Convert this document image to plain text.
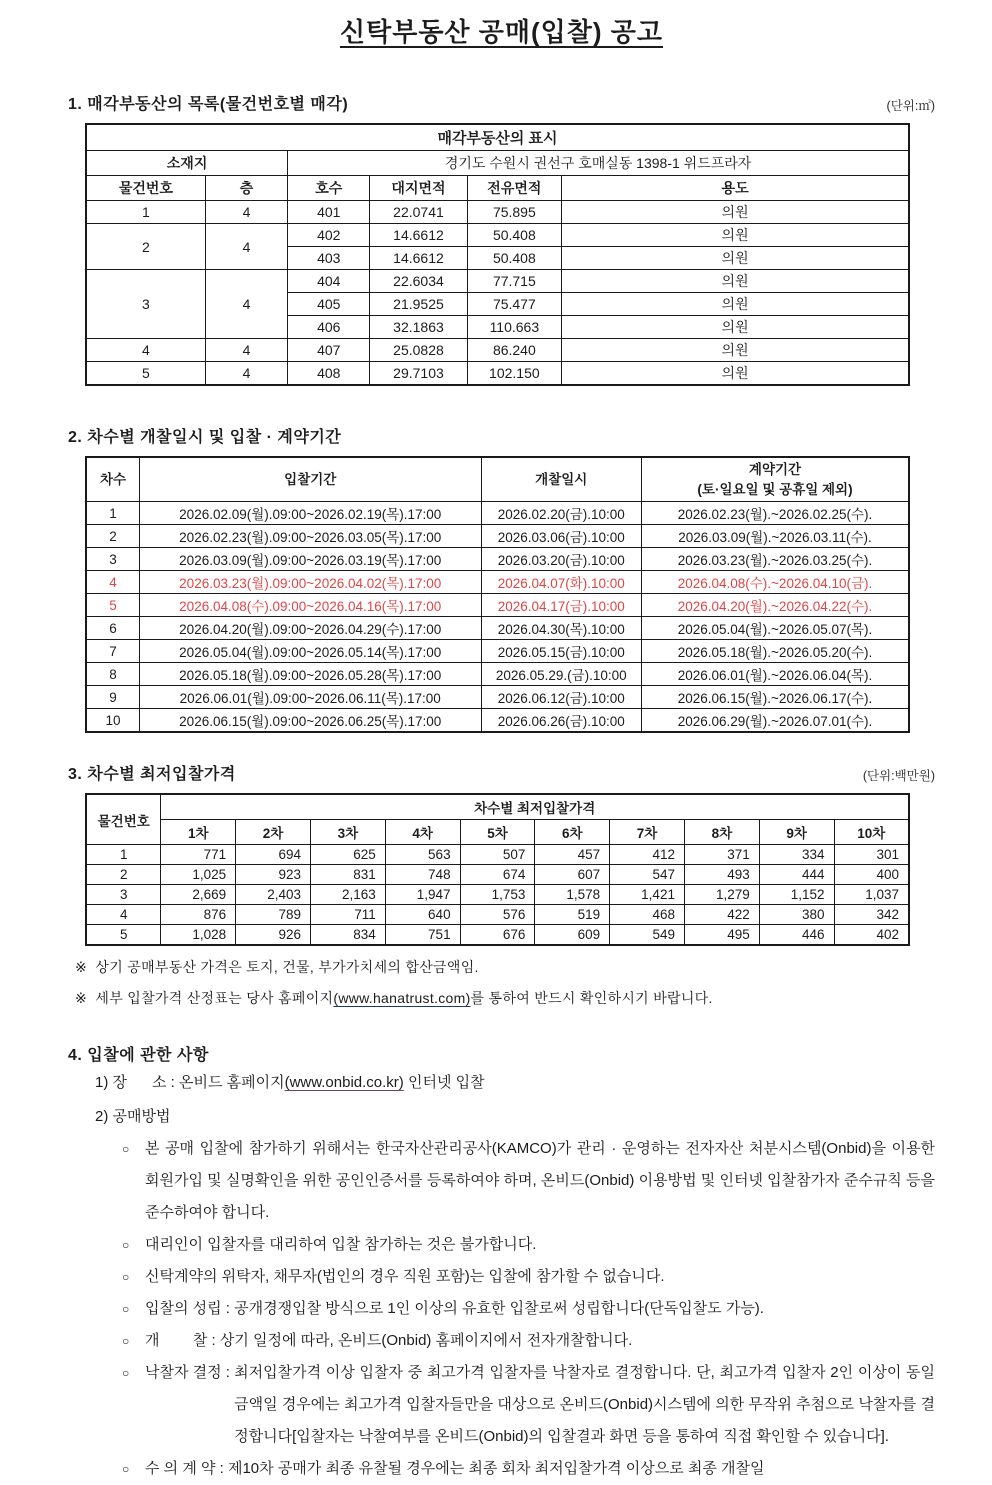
신탁부동산 공매(입찰) 공고
1. 매각부동산의 목록(물건번호별 매각)	(단위:㎡)
매각부동산의 표시					
소재지		경기도 수원시 권선구 호매실동 1398-1 위드프라자			
물건번호	층	호수	대지면적	전유면적	용도
1	4	401	22.0741	75.895	의원
2	4	402	14.6612	50.408	의원
		403	14.6612	50.408	의원
3	4	404	22.6034	77.715	의원
		405	21.9525	75.477	의원
		406	32.1863	110.663	의원
4	4	407	25.0828	86.240	의원
5	4	408	29.7103	102.150	의원
2. 차수별 개찰일시 및 입찰 · 계약기간
차수	입찰기간	개찰일시	계약기간
(토·일요일 및 공휴일 제외)
1	2026.02.09(월).09:00~2026.02.19(목).17:00	2026.02.20(금).10:00	2026.02.23(월).~2026.02.25(수).
2	2026.02.23(월).09:00~2026.03.05(목).17:00	2026.03.06(금).10:00	2026.03.09(월).~2026.03.11(수).
3	2026.03.09(월).09:00~2026.03.19(목).17:00	2026.03.20(금).10:00	2026.03.23(월).~2026.03.25(수).
4	2026.03.23(월).09:00~2026.04.02(목).17:00	2026.04.07(화).10:00	2026.04.08(수).~2026.04.10(금).
5	2026.04.08(수).09:00~2026.04.16(목).17:00	2026.04.17(금).10:00	2026.04.20(월).~2026.04.22(수).
6	2026.04.20(월).09:00~2026.04.29(수).17:00	2026.04.30(목).10:00	2026.05.04(월).~2026.05.07(목).
7	2026.05.04(월).09:00~2026.05.14(목).17:00	2026.05.15(금).10:00	2026.05.18(월).~2026.05.20(수).
8	2026.05.18(월).09:00~2026.05.28(목).17:00	2026.05.29.(금).10:00	2026.06.01(월).~2026.06.04(목).
9	2026.06.01(월).09:00~2026.06.11(목).17:00	2026.06.12(금).10:00	2026.06.15(월).~2026.06.17(수).
10	2026.06.15(월).09:00~2026.06.25(목).17:00	2026.06.26(금).10:00	2026.06.29(월).~2026.07.01(수).
3. 차수별 최저입찰가격	(단위:백만원)
물건번호	차수별 최저입찰가격									
	1차	2차	3차	4차	5차	6차	7차	8차	9차	10차
1	771	694	625	563	507	457	412	371	334	301
2	1,025	923	831	748	674	607	547	493	444	400
3	2,669	2,403	2,163	1,947	1,753	1,578	1,421	1,279	1,152	1,037
4	876	789	711	640	576	519	468	422	380	342
5	1,028	926	834	751	676	609	549	495	446	402
※  상기 공매부동산 가격은 토지, 건물, 부가가치세의 합산금액임.
※  세부 입찰가격 산정표는 당사 홈페이지(www.hanatrust.com)를 통하여 반드시 확인하시기 바랍니다.
4. 입찰에 관한 사항
1) 장      소 : 온비드 홈페이지(www.onbid.co.kr) 인터넷 입찰
2) 공매방법
○	본 공매 입찰에 참가하기 위해서는 한국자산관리공사(KAMCO)가 관리 · 운영하는 전자자산 처분시스템(Onbid)을 이용한 회원가입 및 실명확인을 위한 공인인증서를 등록하여야 하며, 온비드(Onbid) 이용방법 및 인터넷 입찰참가자 준수규칙 등을 준수하여야 합니다.
○	대리인이 입찰자를 대리하여 입찰 참가하는 것은 불가합니다.
○	신탁계약의 위탁자, 채무자(법인의 경우 직원 포함)는 입찰에 참가할 수 없습니다.
○	입찰의 성립 : 공개경쟁입찰 방식으로 1인 이상의 유효한 입찰로써 성립합니다(단독입찰도 가능).
○	개        찰 : 상기 일정에 따라, 온비드(Onbid) 홈페이지에서 전자개찰합니다.
○	낙찰자 결정 : 최저입찰가격 이상 입찰자 중 최고가격 입찰자를 낙찰자로 결정합니다. 단, 최고가격 입찰자 2인 이상이 동일금액일 경우에는 최고가격 입찰자들만을 대상으로 온비드(Onbid)시스템에 의한 무작위 추첨으로 낙찰자를 결정합니다[입찰자는 낙찰여부를 온비드(Onbid)의 입찰결과 화면 등을 통하여 직접 확인할 수 있습니다].
○	수 의 계 약 : 제10차 공매가 최종 유찰될 경우에는 최종 회차 최저입찰가격 이상으로 최종 개찰일
